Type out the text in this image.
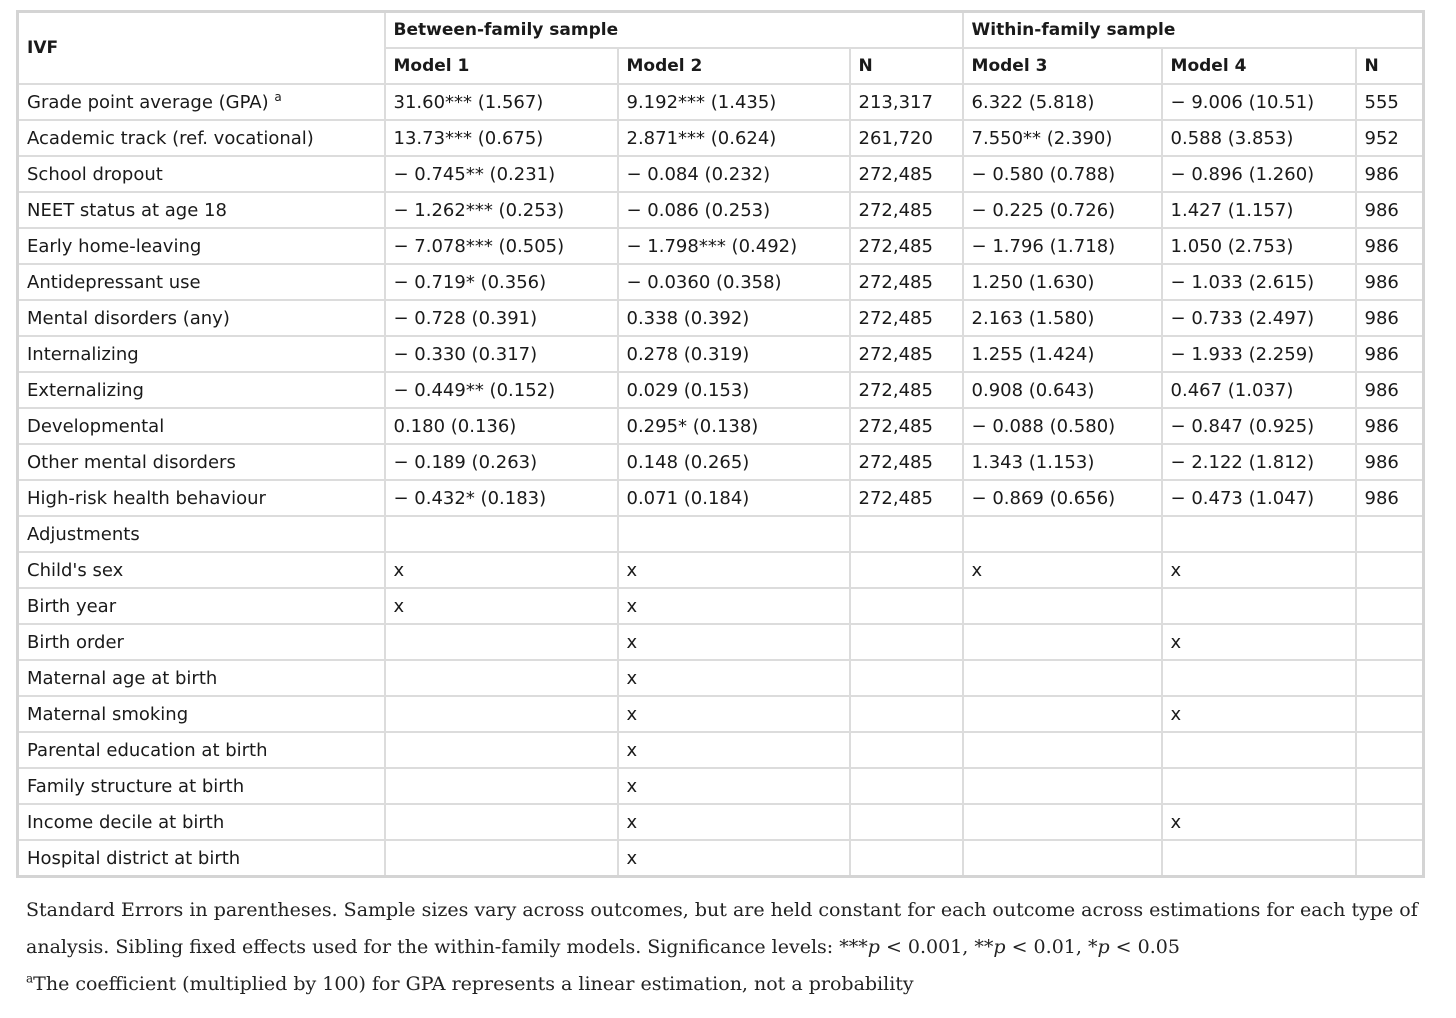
IVF	Between-family sample			Within-family sample		
	Model 1	Model 2	N	Model 3	Model 4	N
Grade point average (GPA) $^a$	31.60*** (1.567)	9.192*** (1.435)	213,317	6.322 (5.818)	− 9.006 (10.51)	555
Academic track (ref. vocational)	13.73*** (0.675)	2.871*** (0.624)	261,720	7.550** (2.390)	0.588 (3.853)	952
School dropout	− 0.745** (0.231)	− 0.084 (0.232)	272,485	− 0.580 (0.788)	− 0.896 (1.260)	986
NEET status at age 18	− 1.262*** (0.253)	− 0.086 (0.253)	272,485	− 0.225 (0.726)	1.427 (1.157)	986
Early home-leaving	− 7.078*** (0.505)	− 1.798*** (0.492)	272,485	− 1.796 (1.718)	1.050 (2.753)	986
Antidepressant use	− 0.719* (0.356)	− 0.0360 (0.358)	272,485	1.250 (1.630)	− 1.033 (2.615)	986
Mental disorders (any)	− 0.728 (0.391)	0.338 (0.392)	272,485	2.163 (1.580)	− 0.733 (2.497)	986
Internalizing	− 0.330 (0.317)	0.278 (0.319)	272,485	1.255 (1.424)	− 1.933 (2.259)	986
Externalizing	− 0.449** (0.152)	0.029 (0.153)	272,485	0.908 (0.643)	0.467 (1.037)	986
Developmental	0.180 (0.136)	0.295* (0.138)	272,485	− 0.088 (0.580)	− 0.847 (0.925)	986
Other mental disorders	− 0.189 (0.263)	0.148 (0.265)	272,485	1.343 (1.153)	− 2.122 (1.812)	986
High-risk health behaviour	− 0.432* (0.183)	0.071 (0.184)	272,485	− 0.869 (0.656)	− 0.473 (1.047)	986
Adjustments						
Child's sex	x	x		x	x	
Birth year	x	x				
Birth order		x			x	
Maternal age at birth		x				
Maternal smoking		x			x	
Parental education at birth		x				
Family structure at birth		x				
Income decile at birth		x			x	
Hospital district at birth		x				

Standard Errors in parentheses. Sample sizes vary across outcomes, but are held constant for each outcome across estimations for each type of analysis. Sibling fixed effects used for the within-family models. Significance levels: ***p < 0.001, **p < 0.01, *p < 0.05

$^a$The coefficient (multiplied by 100) for GPA represents a linear estimation, not a probability
